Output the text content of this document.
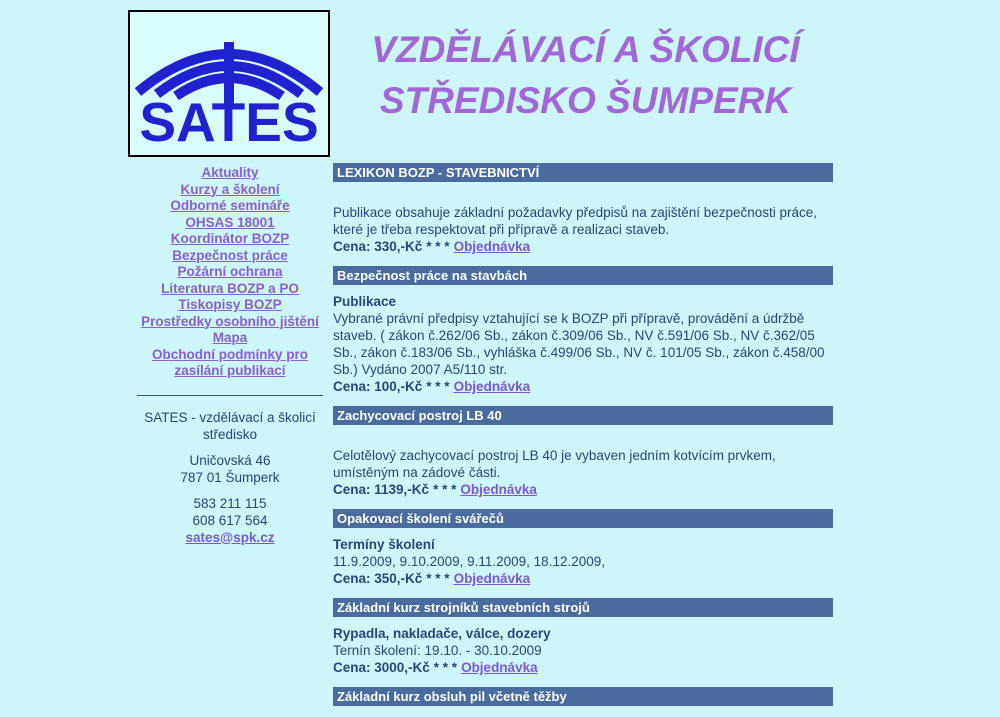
SATES
VZDĚLÁVACÍ A ŠKOLICÍ
STŘEDISKO ŠUMPERK
Aktuality
Kurzy a školení
Odborné semináře
OHSAS 18001
Koordinátor BOZP
Bezpečnost práce
Požární ochrana
Literatura BOZP a PO
Tiskopisy BOZP
Prostředky osobního jištění
Mapa
Obchodní podmínky pro zasílání publikací

SATES - vzdělávací a školicí středisko

Uničovská 46

787 01 Šumperk

583 211 115

608 617 564

sates@spk.cz

LEXIKON BOZP - STAVEBNICTVÍ

Publikace obsahuje základní požadavky předpisů na zajištění bezpečnosti práce, které je třeba respektovat při přípravě a realizaci staveb.

Cena: 330,-Kč * * * Objednávka

Bezpečnost práce na stavbách

Publikace

Vybrané právní předpisy vztahující se k BOZP při přípravě, provádění a údržbě staveb. ( zákon č.262/06 Sb., zákon č.309/06 Sb., NV č.591/06 Sb., NV č.362/05 Sb., zákon č.183/06 Sb., vyhláška č.499/06 Sb., NV č. 101/05 Sb., zákon č.458/00 Sb.) Vydáno 2007 A5/110 str.

Cena: 100,-Kč * * * Objednávka

Zachycovací postroj LB 40

Celotělový zachycovací postroj LB 40 je vybaven jedním kotvícím prvkem, umístěným na zádové části.

Cena: 1139,-Kč * * * Objednávka

Opakovací školení svářečů

Termíny školení

11.9.2009, 9.10.2009, 9.11.2009, 18.12.2009,

Cena: 350,-Kč * * * Objednávka

Základní kurz strojníků stavebních strojů

Rypadla, nakladače, válce, dozery

Ternín školení: 19.10. - 30.10.2009

Cena: 3000,-Kč * * * Objednávka

Základní kurz obsluh pil včetně těžby
